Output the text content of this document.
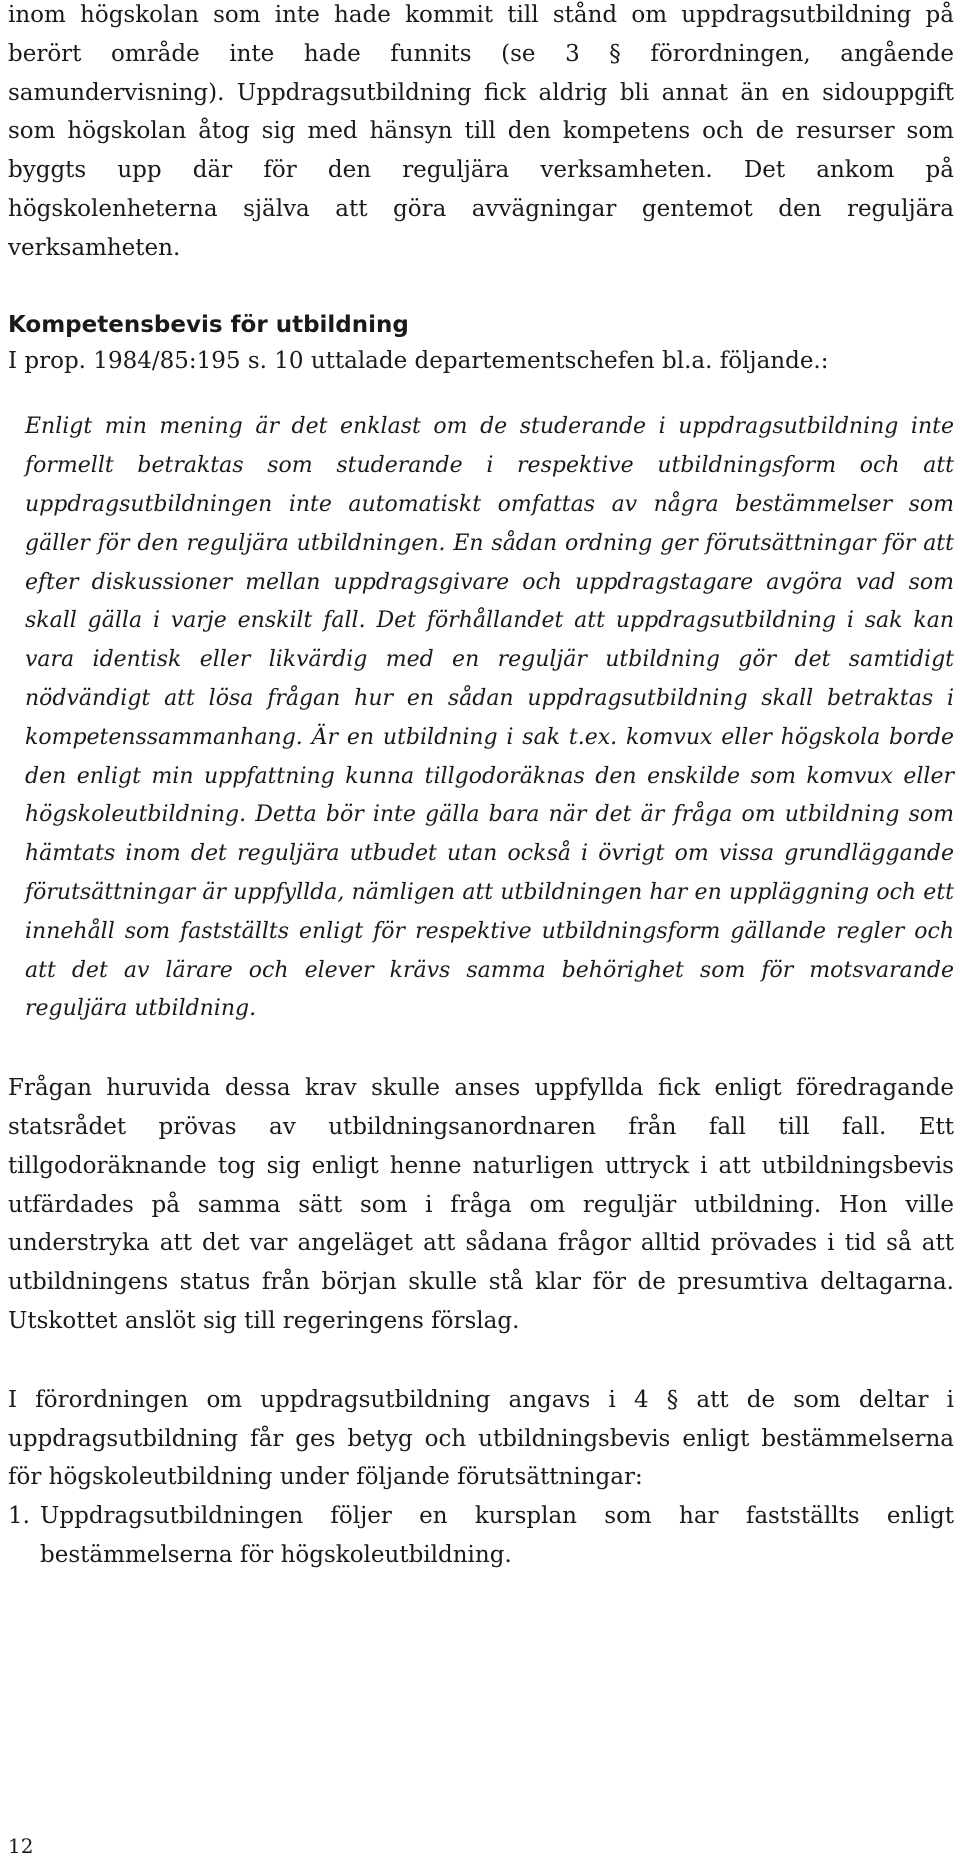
inom högskolan som inte hade kommit till stånd om uppdragsutbildning på berört område inte hade funnits (se 3 § förordningen, angående samundervisning). Uppdragsutbildning fick aldrig bli annat än en sidouppgift som högskolan åtog sig med hänsyn till den kompetens och de resurser som byggts upp där för den reguljära verksamheten. Det ankom på högskolenheterna själva att göra avvägningar gentemot den reguljära verksamheten.

Kompetensbevis för utbildning

I prop. 1984/85:195 s. 10 uttalade departementschefen bl.a. följande.:

Enligt min mening är det enklast om de studerande i uppdragsutbildning inte formellt betraktas som studerande i respektive utbildningsform och att uppdragsutbildningen inte automatiskt omfattas av några bestämmelser som gäller för den reguljära utbildningen. En sådan ordning ger förutsättningar för att efter diskussioner mellan uppdragsgivare och uppdragstagare avgöra vad som skall gälla i varje enskilt fall. Det förhållandet att uppdragsutbildning i sak kan vara identisk eller likvärdig med en reguljär utbildning gör det samtidigt nödvändigt att lösa frågan hur en sådan uppdragsutbildning skall betraktas i kompetenssammanhang. Är en utbildning i sak t.ex. komvux eller högskola borde den enligt min uppfattning kunna tillgodoräknas den enskilde som komvux eller högskoleutbildning. Detta bör inte gälla bara när det är fråga om utbildning som hämtats inom det reguljära utbudet utan också i övrigt om vissa grundläggande förutsättningar är uppfyllda, nämligen att utbildningen har en uppläggning och ett innehåll som fastställts enligt för respektive utbildningsform gällande regler och att det av lärare och elever krävs samma behörighet som för motsvarande reguljära utbildning.

Frågan huruvida dessa krav skulle anses uppfyllda fick enligt föredragande statsrådet prövas av utbildningsanordnaren från fall till fall. Ett tillgodoräknande tog sig enligt henne naturligen uttryck i att utbildningsbevis utfärdades på samma sätt som i fråga om reguljär utbildning. Hon ville understryka att det var angeläget att sådana frågor alltid prövades i tid så att utbildningens status från början skulle stå klar för de presumtiva deltagarna. Utskottet anslöt sig till regeringens förslag.

I förordningen om uppdragsutbildning angavs i 4 § att de som deltar i uppdragsutbildning får ges betyg och utbildningsbevis enligt bestämmelserna för högskoleutbildning under följande förutsättningar:

1. Uppdragsutbildningen följer en kursplan som har fastställts enligt bestämmelserna för högskoleutbildning.
12
